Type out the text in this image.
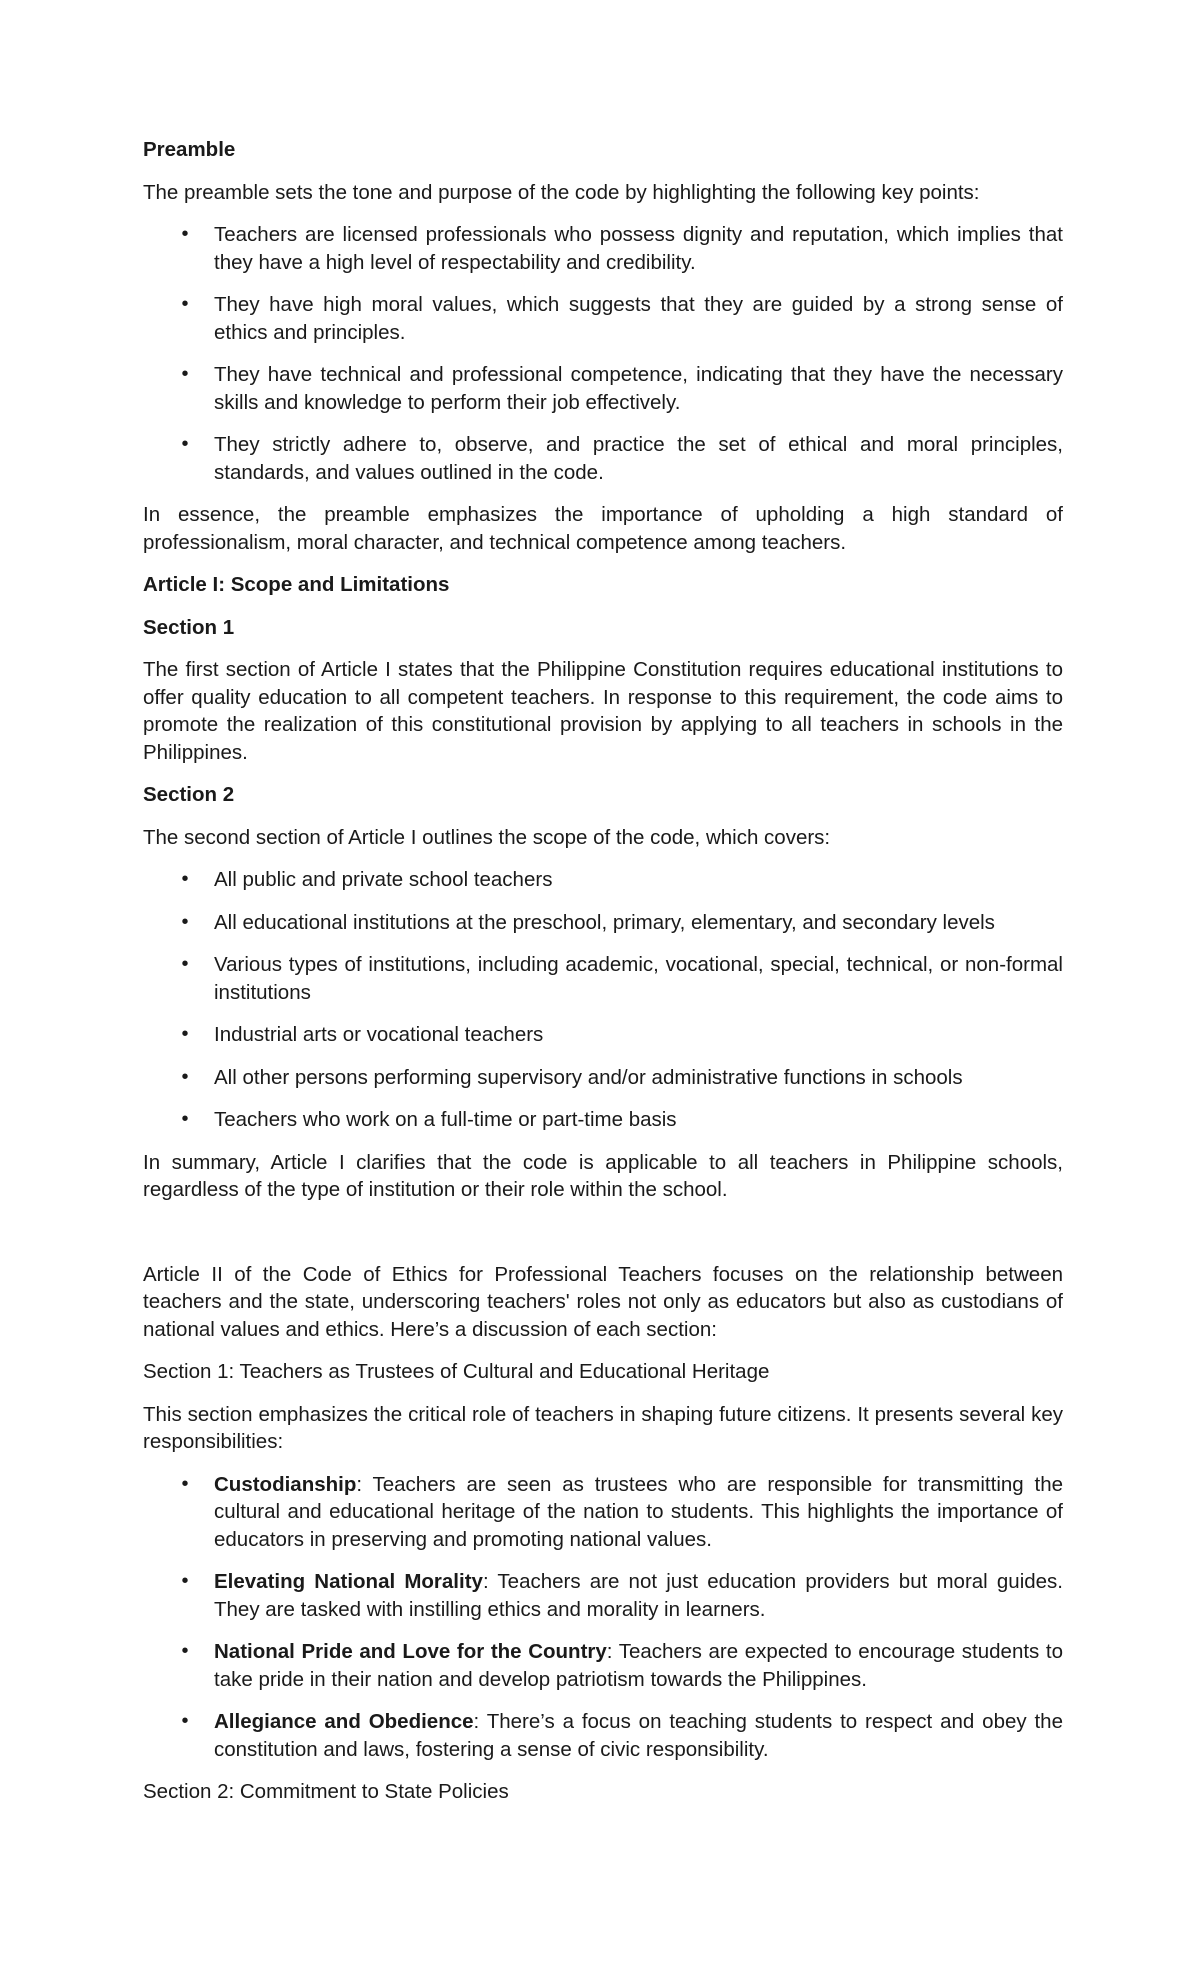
Preamble
The preamble sets the tone and purpose of the code by highlighting the following key points:
• Teachers are licensed professionals who possess dignity and reputation, which implies that they have a high level of respectability and credibility.
• They have high moral values, which suggests that they are guided by a strong sense of ethics and principles.
• They have technical and professional competence, indicating that they have the necessary skills and knowledge to perform their job effectively.
• They strictly adhere to, observe, and practice the set of ethical and moral principles, standards, and values outlined in the code.
In essence, the preamble emphasizes the importance of upholding a high standard of professionalism, moral character, and technical competence among teachers.
Article I: Scope and Limitations
Section 1
The first section of Article I states that the Philippine Constitution requires educational institutions to offer quality education to all competent teachers. In response to this requirement, the code aims to promote the realization of this constitutional provision by applying to all teachers in schools in the Philippines.
Section 2
The second section of Article I outlines the scope of the code, which covers:
• All public and private school teachers
• All educational institutions at the preschool, primary, elementary, and secondary levels
• Various types of institutions, including academic, vocational, special, technical, or non-formal institutions
• Industrial arts or vocational teachers
• All other persons performing supervisory and/or administrative functions in schools
• Teachers who work on a full-time or part-time basis
In summary, Article I clarifies that the code is applicable to all teachers in Philippine schools, regardless of the type of institution or their role within the school.
Article II of the Code of Ethics for Professional Teachers focuses on the relationship between teachers and the state, underscoring teachers' roles not only as educators but also as custodians of national values and ethics. Here’s a discussion of each section:
Section 1: Teachers as Trustees of Cultural and Educational Heritage
This section emphasizes the critical role of teachers in shaping future citizens. It presents several key responsibilities:
• Custodianship: Teachers are seen as trustees who are responsible for transmitting the cultural and educational heritage of the nation to students. This highlights the importance of educators in preserving and promoting national values.
• Elevating National Morality: Teachers are not just education providers but moral guides. They are tasked with instilling ethics and morality in learners.
• National Pride and Love for the Country: Teachers are expected to encourage students to take pride in their nation and develop patriotism towards the Philippines.
• Allegiance and Obedience: There’s a focus on teaching students to respect and obey the constitution and laws, fostering a sense of civic responsibility.
Section 2: Commitment to State Policies
